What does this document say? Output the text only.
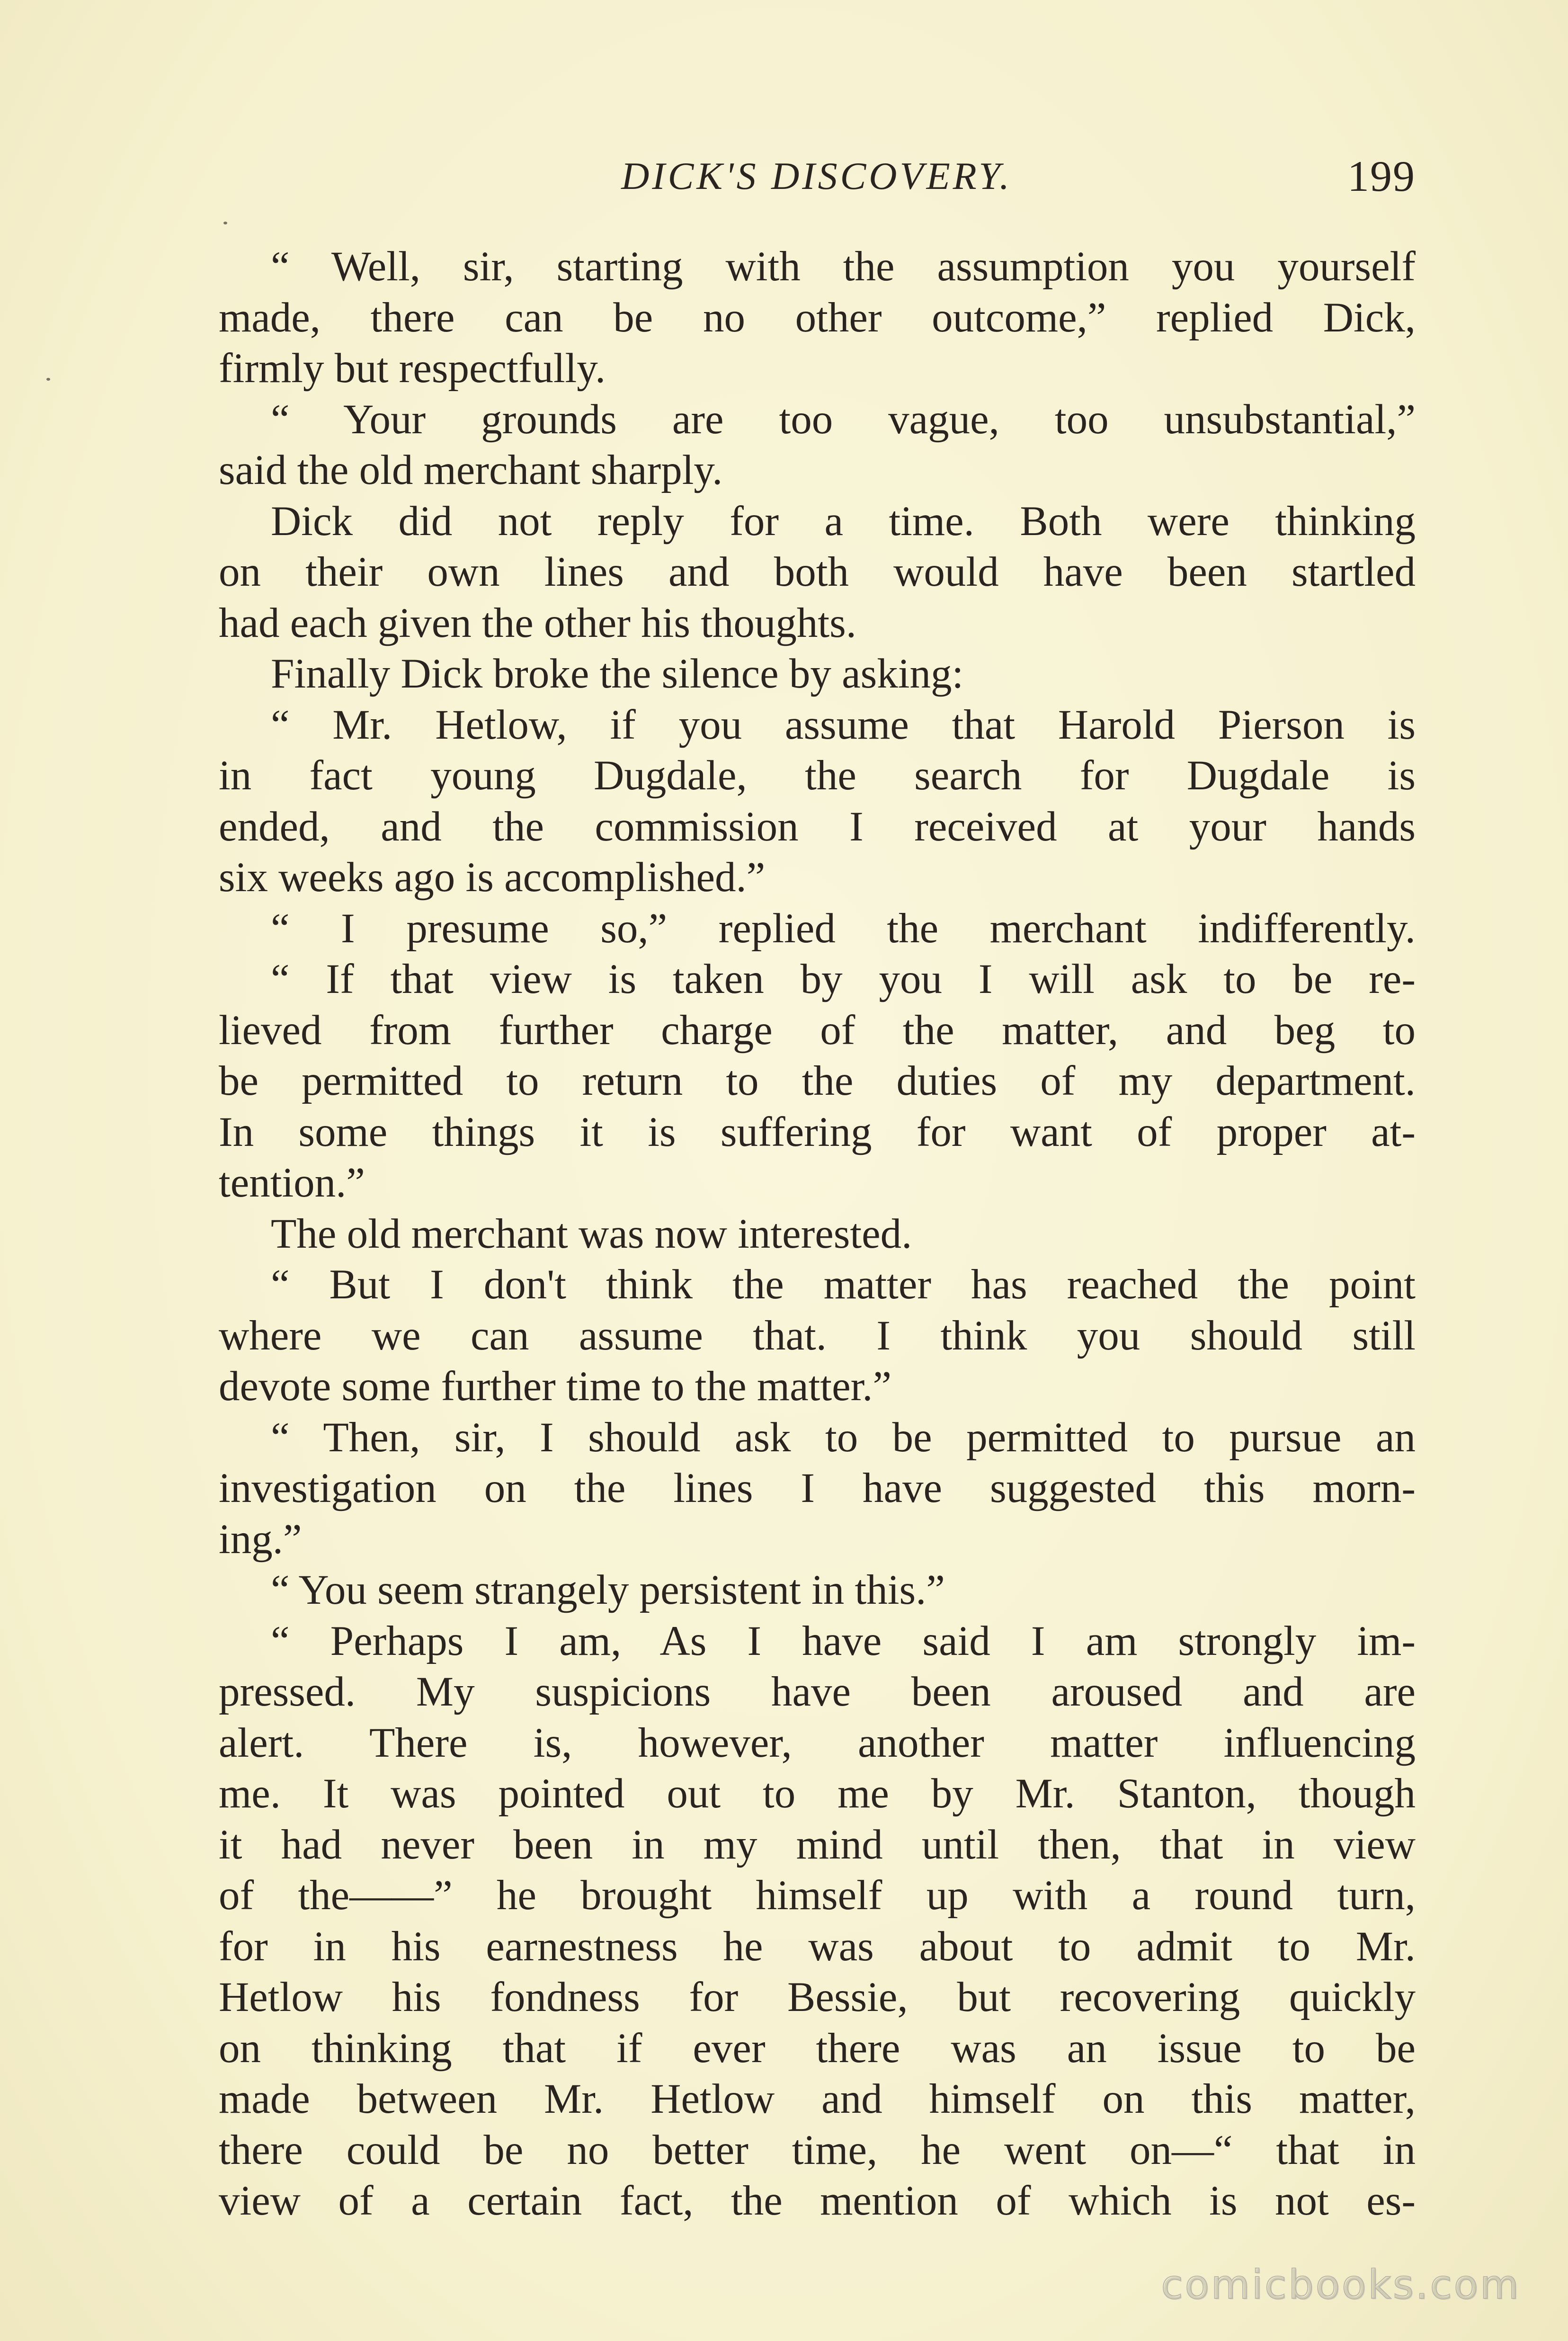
DICK'S DISCOVERY.	199
“ Well, sir, starting with the assumption you yourself
made, there can be no other outcome,” replied Dick,
firmly but respectfully.
“ Your grounds are too vague, too unsubstantial,”
said the old merchant sharply.
Dick did not reply for a time. Both were thinking
on their own lines and both would have been startled
had each given the other his thoughts.
Finally Dick broke the silence by asking:
“ Mr. Hetlow, if you assume that Harold Pierson is
in fact young Dugdale, the search for Dugdale is
ended, and the commission I received at your hands
six weeks ago is accomplished.”
“ I presume so,” replied the merchant indifferently.
“ If that view is taken by you I will ask to be re-
lieved from further charge of the matter, and beg to
be permitted to return to the duties of my department.
In some things it is suffering for want of proper at-
tention.”
The old merchant was now interested.
“ But I don't think the matter has reached the point
where we can assume that. I think you should still
devote some further time to the matter.”
“ Then, sir, I should ask to be permitted to pursue an
investigation on the lines I have suggested this morn-
ing.”
“ You seem strangely persistent in this.”
“ Perhaps I am, As I have said I am strongly im-
pressed. My suspicions have been aroused and are
alert. There is, however, another matter influencing
me. It was pointed out to me by Mr. Stanton, though
it had never been in my mind until then, that in view
of the——” he brought himself up with a round turn,
for in his earnestness he was about to admit to Mr.
Hetlow his fondness for Bessie, but recovering quickly
on thinking that if ever there was an issue to be
made between Mr. Hetlow and himself on this matter,
there could be no better time, he went on—“ that in
view of a certain fact, the mention of which is not es-
comicbooks.com
